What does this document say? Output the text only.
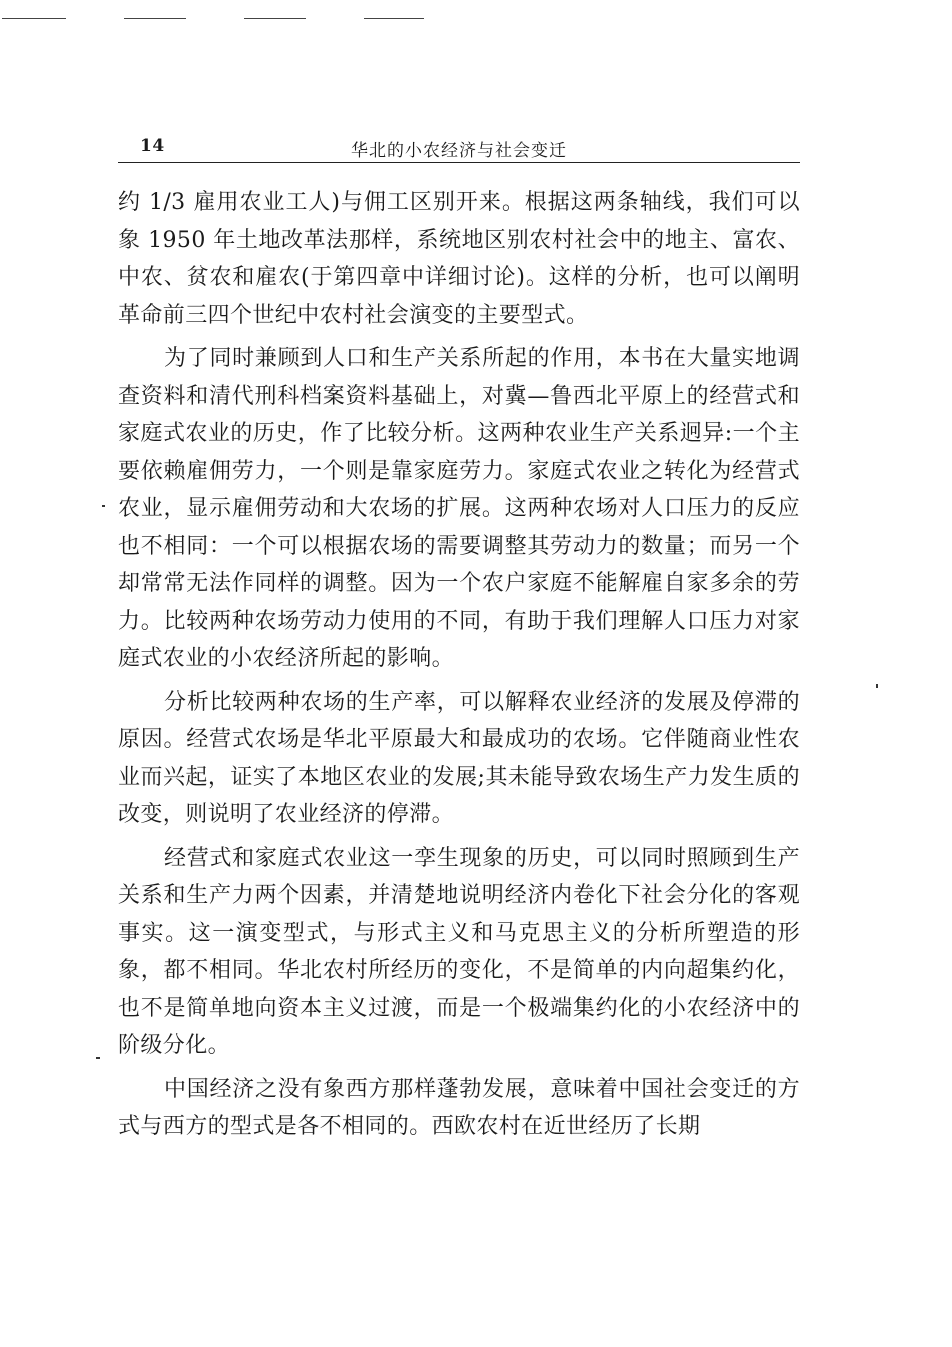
14	华北的小农经济与社会变迁

约 1/3 雇用农业工人)与佣工区别开来。根据这两条轴线，我们可以象 1950 年土地改革法那样，系统地区别农村社会中的地主、富农、中农、贫农和雇农(于第四章中详细讨论)。这样的分析，也可以阐明革命前三四个世纪中农村社会演变的主要型式。

为了同时兼顾到人口和生产关系所起的作用，本书在大量实地调查资料和清代刑科档案资料基础上，对冀—鲁西北平原上的经营式和家庭式农业的历史，作了比较分析。这两种农业生产关系迥异:一个主要依赖雇佣劳力，一个则是靠家庭劳力。家庭式农业之转化为经营式农业，显示雇佣劳动和大农场的扩展。这两种农场对人口压力的反应也不相同：一个可以根据农场的需要调整其劳动力的数量；而另一个却常常无法作同样的调整。因为一个农户家庭不能解雇自家多余的劳力。比较两种农场劳动力使用的不同，有助于我们理解人口压力对家庭式农业的小农经济所起的影响。

分析比较两种农场的生产率，可以解释农业经济的发展及停滞的原因。经营式农场是华北平原最大和最成功的农场。它伴随商业性农业而兴起，证实了本地区农业的发展;其未能导致农场生产力发生质的改变，则说明了农业经济的停滞。

经营式和家庭式农业这一孪生现象的历史，可以同时照顾到生产关系和生产力两个因素，并清楚地说明经济内卷化下社会分化的客观事实。这一演变型式，与形式主义和马克思主义的分析所塑造的形象，都不相同。华北农村所经历的变化，不是简单的内向超集约化，也不是简单地向资本主义过渡，而是一个极端集约化的小农经济中的阶级分化。

中国经济之没有象西方那样蓬勃发展，意味着中国社会变迁的方式与西方的型式是各不相同的。西欧农村在近世经历了长期
